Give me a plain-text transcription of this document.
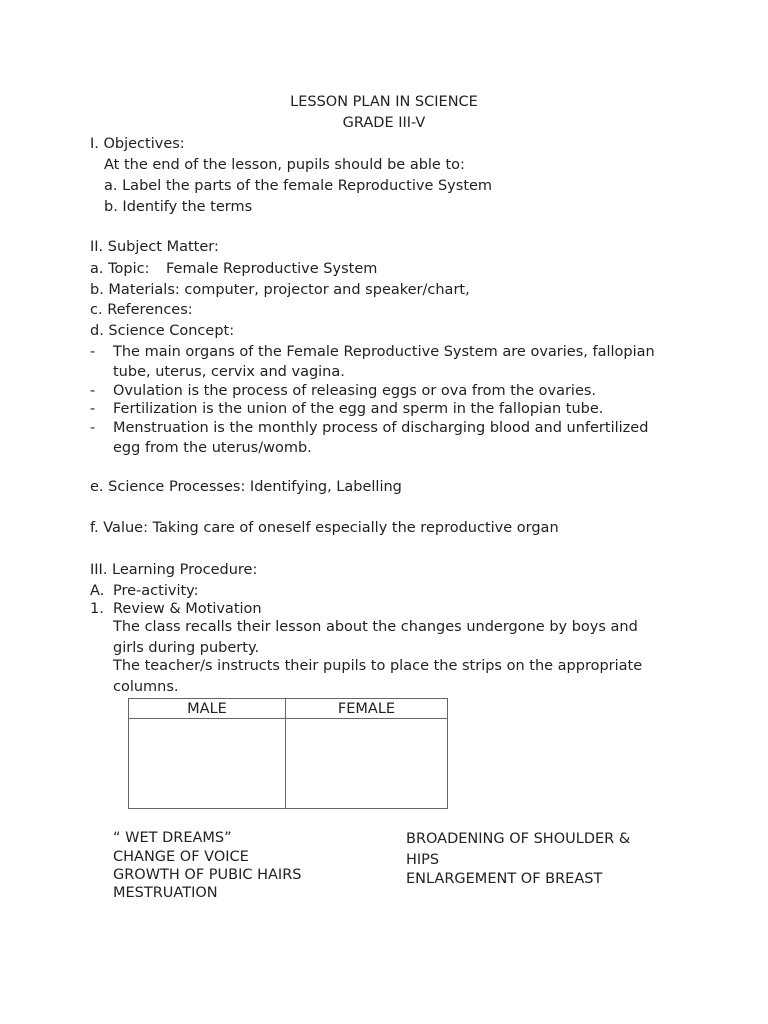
LESSON PLAN IN SCIENCE
GRADE III-V
I. Objectives:
At the end of the lesson, pupils should be able to:
a. Label the parts of the female Reproductive System
b. Identify the terms
II. Subject Matter:
a. Topic: Female Reproductive System
b. Materials: computer, projector and speaker/chart,
c. References:
d. Science Concept:
- The main organs of the Female Reproductive System are ovaries, fallopian
tube, uterus, cervix and vagina.
- Ovulation is the process of releasing eggs or ova from the ovaries.
- Fertilization is the union of the egg and sperm in the fallopian tube.
- Menstruation is the monthly process of discharging blood and unfertilized
egg from the uterus/womb.
e. Science Processes: Identifying, Labelling
f. Value: Taking care of oneself especially the reproductive organ
III. Learning Procedure:
A. Pre-activity:
1. Review & Motivation
The class recalls their lesson about the changes undergone by boys and
girls during puberty.
The teacher/s instructs their pupils to place the strips on the appropriate
columns.
MALE	FEMALE

“ WET DREAMS”
CHANGE OF VOICE
GROWTH OF PUBIC HAIRS
MESTRUATION
BROADENING OF SHOULDER &
HIPS
ENLARGEMENT OF BREAST
